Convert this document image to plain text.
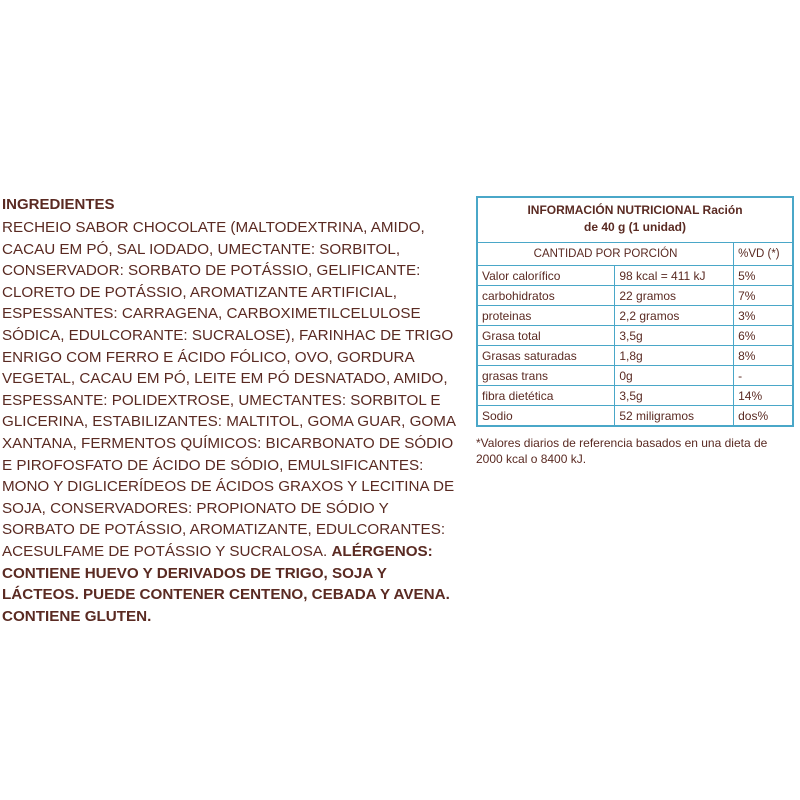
INGREDIENTES

RECHEIO SABOR CHOCOLATE (MALTODEXTRINA, AMIDO, CACAU EM PÓ, SAL IODADO, UMECTANTE: SORBITOL, CONSERVADOR: SORBATO DE POTÁSSIO, GELIFICANTE: CLORETO DE POTÁSSIO, AROMATIZANTE ARTIFICIAL, ESPESSANTES: CARRAGENA, CARBOXIMETILCELULOSE SÓDICA, EDULCORANTE: SUCRALOSE), FARINHAC DE TRIGO ENRIGO COM FERRO E ÁCIDO FÓLICO, OVO, GORDURA VEGETAL, CACAU EM PÓ, LEITE EM PÓ DESNATADO, AMIDO, ESPESSANTE: POLIDEXTROSE, UMECTANTES: SORBITOL E GLICERINA, ESTABILIZANTES: MALTITOL, GOMA GUAR, GOMA XANTANA, FERMENTOS QUÍMICOS: BICARBONATO DE SÓDIO E PIROFOSFATO DE ÁCIDO DE SÓDIO, EMULSIFICANTES: MONO Y DIGLICERÍDEOS DE ÁCIDOS GRAXOS Y LECITINA DE SOJA, CONSERVADORES: PROPIONATO DE SÓDIO Y SORBATO DE POTÁSSIO, AROMATIZANTE, EDULCORANTES: ACESULFAME DE POTÁSSIO Y SUCRALOSA. ALÉRGENOS: CONTIENE HUEVO Y DERIVADOS DE TRIGO, SOJA Y LÁCTEOS. PUEDE CONTENER CENTENO, CEBADA Y AVENA. CONTIENE GLUTEN.

INFORMACIÓN NUTRICIONAL Ración
de 40 g (1 unidad)		

CANTIDAD POR PORCIÓN		%VD (*)
Valor calorífico	98 kcal = 411 kJ	5%
carbohidratos	22 gramos	7%
proteinas	2,2 gramos	3%
Grasa total	3,5g	6%
Grasas saturadas	1,8g	8%
grasas trans	0g	-
fibra dietética	3,5g	14%
Sodio	52 miligramos	dos%
*Valores diarios de referencia basados en una dieta de 2000 kcal o 8400 kJ.
